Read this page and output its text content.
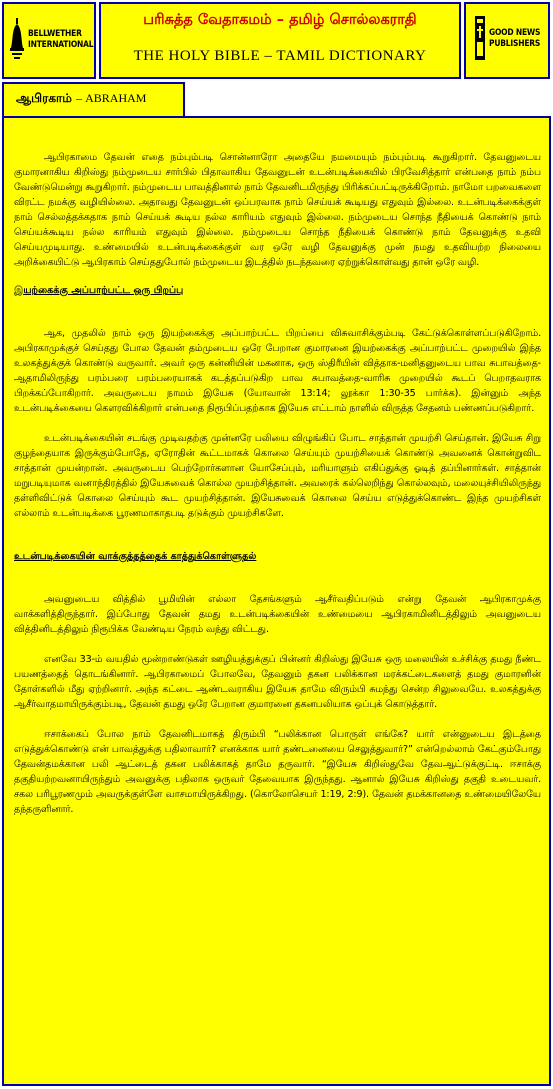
BELLWETHER
INTERNATIONAL
பரிசுத்த வேதாகமம் – தமிழ் சொல்லகராதி
THE HOLY BIBLE – TAMIL DICTIONARY
GOOD NEWS
PUBLISHERS
ஆபிரகாம் – ABRAHAM

ஆபிரகாமை தேவன் எதை நம்பும்படி சொன்னாரோ அதையே நமமையும் நம்பும்படி கூறுகிறார். தேவனுடைய குமாரனாகிய கிறிஸ்து நம்முடைய சார்பில் பிதாவாகிய தேவனுடன் உடன்படிக்கையில் பிரவேசித்தார் என்பதை நாம் நம்ப வேண்டுமென்று கூறுகிறார். நம்முடைய பாவத்தினால் நாம் தேவனிடமிருந்து பிரிக்கப்பட்டிருக்கிறோம். நாமோ பறவைகளை விரட்ட நமக்கு வழியில்லை. அதாவது தேவனுடன் ஒப்பரவாக நாம் செய்யக் கூடியது எதுவும் இல்லை. உடன்படிக்கைக்குள் நாம் செல்லத்தக்கதாக நாம் செய்யக் கூடிய நல்ல காரியம் எதுவும் இல்லை. நம்முடைய சொந்த நீதியைக் கொண்டு நாம் செய்யக்கூடிய நல்ல காரியம் எதுவும் இல்லை. நம்முடைய சொந்த நீதியைக் கொண்டு நாம் தேவனுக்கு உதவி செய்யமுடியாது. உண்மையில் உடன்படிக்கைக்குள் வர ஒரே வழி தேவனுக்கு முன் நமது உதவியற்ற நிலையை அறிக்கையிட்டு ஆபிரகாம் செய்ததுபோல் நம்முடைய இடத்தில் நடந்தவரை ஏற்றுக்கொள்வது தான் ஒரே வழி.

இயற்கைக்கு அப்பாற்பட்ட ஒரு பிறப்பு

ஆக, முதலில் நாம் ஒரு இயற்கைக்கு அப்பாற்பட்ட பிறப்பை விசுவாசிக்கும்படி கேட்டுக்கொள்ளப்படுகிறோம். அபிரகாமுக்குச் செய்தது போல தேவன் தம்முடைய ஒரே பேறான குமாரனை இயற்கைக்கு அப்பாற்பட்ட முறையில் இந்த உலகத்துக்குக் கொண்டு வருவார். அவர் ஒரு கன்னியின் மகனாக, ஒரு ஸ்திரீயின் வித்தாக-மனிதனுடைய பாவ சுபாவத்தை- ஆதாமிலிருந்து பரம்பரை பரம்பரையாகக் கடத்தப்படுகிற பாவ சுபாவத்தை-வாரிசு முறையில் கூடப் பெறாதவராக பிறக்கப்போகிறார். அவருடைய நாமம் இயேசு (யோவான் 13:14; லூக்கா 1:30-35 பார்க்க). இன்னும் அந்த உடன்படிக்கையை கௌரவிக்கிறார் என்பதை நிரூபிப்பதற்காக இயேசு எட்டாம் நாளில் விருத்த சேதனம் பண்ணப்படுகிறார்.

உடன்படிக்கையின் சடங்கு முடிவதற்கு முன்னரே பலியை விழுங்கிப் போட சாத்தான் முயற்சி செய்தான். இயேசு சிறு குழந்தையாக இருக்கும்போதே, ஏரோதின் கூட்டமாகக் கொலை செய்யும் முயற்சியைக் கொண்டு அவனைக் கொன்றுவிட சாத்தான் முயன்றான். அவருடைய பெற்றோர்களான யோசேப்பும், மரியாளும் எகிப்துக்கு ஓடித் தப்பினார்கள். சாத்தான் மறுபடியுமாக வனாந்திரத்தில் இயேசுவைக் கொல்ல முயற்சித்தான். அவரைக் கல்லெறிந்து கொல்லவும், மலையுச்சியிலிருந்து தள்ளிவிட்டுக் கொலை செய்யும் கூட முயற்சித்தான். இயேசுவைக் கொலை செய்ய எடுத்துக்கொண்ட இந்த முயற்சிகள் எல்லாம் உடன்படிக்கை பூரணமாகாதபடி தடுக்கும் முயற்சிகளே.

உடன்படிக்கையின் வாக்குத்தத்தைக் காத்துக்கொள்ளுதல்

அவனுடைய வித்தில் பூமியின் எல்லா தேசங்களும் ஆசீர்வதிப்படும் என்று தேவன் ஆபிரகாமுக்கு வாக்களித்திருந்தார். இப்போது தேவன் தமது உடன்படிக்கையின் உண்மையை ஆபிரகாமினிடத்திலும் அவனுடைய வித்தினிடத்திலும் நிரூபிக்க வேண்டிய நேரம் வந்து விட்டது.

எனவே 33-ம் வயதில் மூன்றாண்டுகள் ஊழியத்துக்குப் பின்னர் கிறிஸ்து இயேசு ஒரு மலையின் உச்சிக்கு தமது நீண்ட பயணத்தைத் தொடங்கினார். ஆபிரகாமைப் போலவே, தேவனும் தகன பலிக்கான மரக்கட்டைகளைத் தமது குமாரனின் தோள்களில் மீது ஏற்றினார். அந்த கட்டை ஆண்டவராகிய இயேசு தாமே விரும்பி சுமந்து சென்ற சிலுவையே. உலகத்துக்கு ஆசீர்வாதமாயிருக்கும்படி, தேவன் தமது ஒரே பேறான குமாரனை தகனபலியாக ஒப்புக் கொடுத்தார்.

ஈசாக்கைப் போல நாம் தேவனிடமாகத் திரும்பி “பலிக்கான பொருள் எங்கே? யார் என்னுடைய இடத்தை எடுத்துக்கொண்டு என் பாவத்துக்கு பதிலாவார்? எனக்காக யார் தண்டனையை செலுத்துவார்?” என்றெல்லாம் கேட்கும்போது தேவன்தமக்கான பலி ஆட்டைத் தகன பலிக்காகத் தாமே தருவார். “இயேசு கிறிஸ்துவே தேவஆட்டுக்குட்டி. ஈசாக்கு தகுதியற்றவனாயிருந்தும் அவனுக்கு பதிலாக ஒருவர் தேவையாக இருந்தது. ஆனால் இயேசு கிறிஸ்து தகுதி உடையவர். சகல பரிபூரணமும் அவருக்குள்ளே வாசமாயிருக்கிறது. (கொலோசெயர் 1:19, 2:9). தேவன் தமக்கானதை உண்மையிலேயே தந்தருளினார்.
